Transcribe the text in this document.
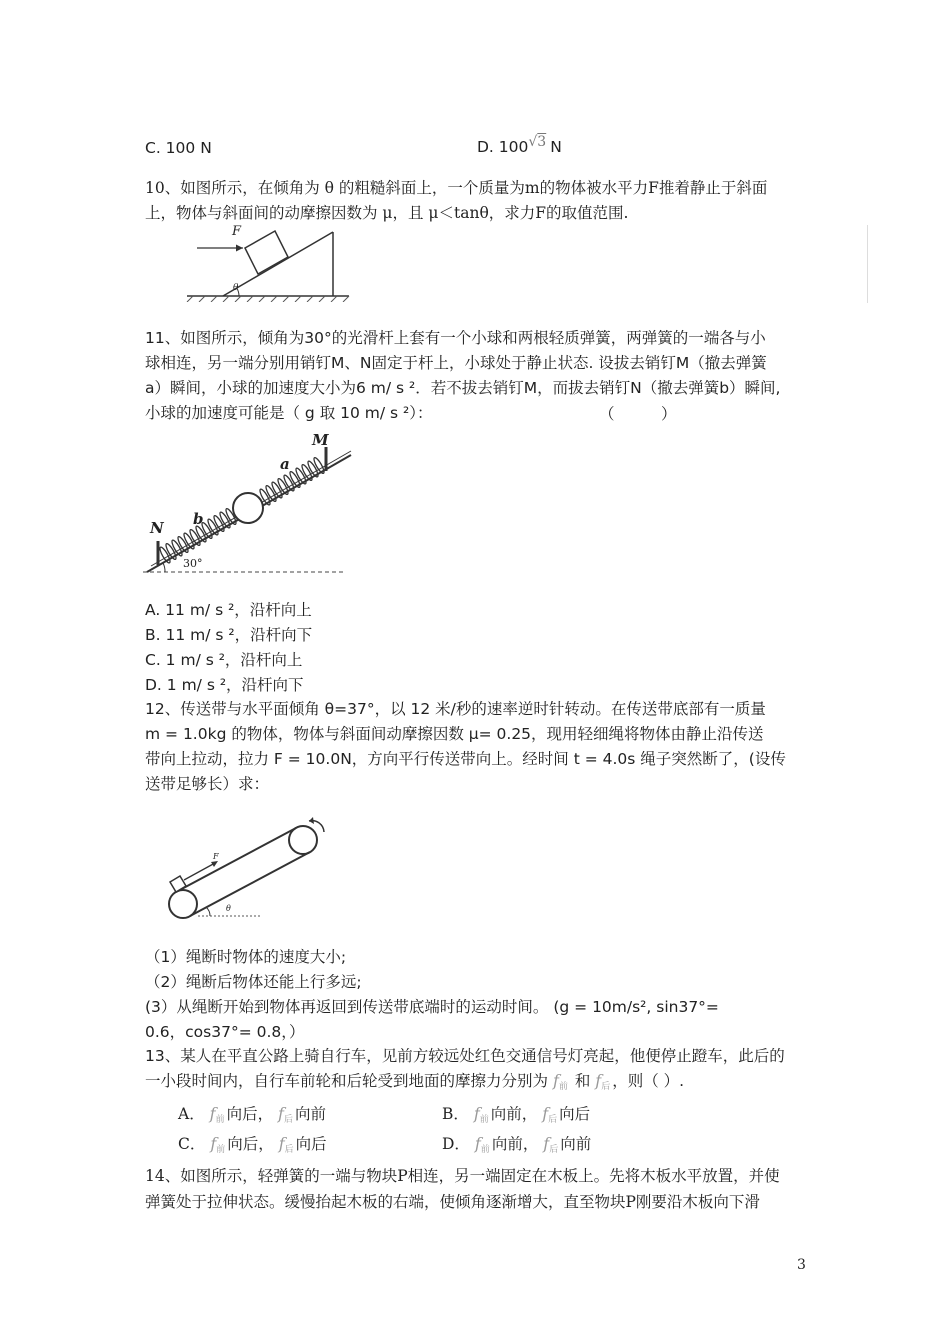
C. 100 N	D. 100√3 N
10、如图所示，在倾角为 θ 的粗糙斜面上，一个质量为m的物体被水平力F推着静止于斜面
上，物体与斜面间的动摩擦因数为 μ，且 μ＜tanθ，求力F的取值范围.
F
θ
11、如图所示，倾角为30°的光滑杆上套有一个小球和两根轻质弹簧，两弹簧的一端各与小
球相连，另一端分别用销钉M、N固定于杆上，小球处于静止状态. 设拔去销钉M（撤去弹簧
a）瞬间，小球的加速度大小为6 m/ s ²．若不拔去销钉M，而拔去销钉N（撤去弹簧b）瞬间,
小球的加速度可能是（ g 取 10 m/ s ²）：	（　　　）
M
N
a
b
30°
A. 11 m/ s ²，沿杆向上
B. 11 m/ s ²，沿杆向下
C. 1 m/ s ²，沿杆向上
D. 1 m/ s ²，沿杆向下
12、传送带与水平面倾角 θ=37°，以 12 米/秒的速率逆时针转动。在传送带底部有一质量
m = 1.0kg 的物体，物体与斜面间动摩擦因数 μ= 0.25，现用轻细绳将物体由静止沿传送
带向上拉动，拉力 F = 10.0N，方向平行传送带向上。经时间 t = 4.0s 绳子突然断了，(设传
送带足够长）求：
F
θ
（1）绳断时物体的速度大小;
（2）绳断后物体还能上行多远;
(3）从绳断开始到物体再返回到传送带底端时的运动时间。 (g = 10m/s², sin37°=
0.6，cos37°= 0.8，）
13、某人在平直公路上骑自行车，见前方较远处红色交通信号灯亮起，他便停止蹬车，此后的
一小段时间内，自行车前轮和后轮受到地面的摩擦力分别为 f前 和 f后 ，则（ ）.
A． f前 向后， f后 向前	B． f前 向前， f后 向后
C． f前 向后， f后 向后	D． f前 向前， f后 向前
14、如图所示，轻弹簧的一端与物块P相连，另一端固定在木板上。先将木板水平放置，并使
弹簧处于拉伸状态。缓慢抬起木板的右端，使倾角逐渐增大，直至物块P刚要沿木板向下滑
3
